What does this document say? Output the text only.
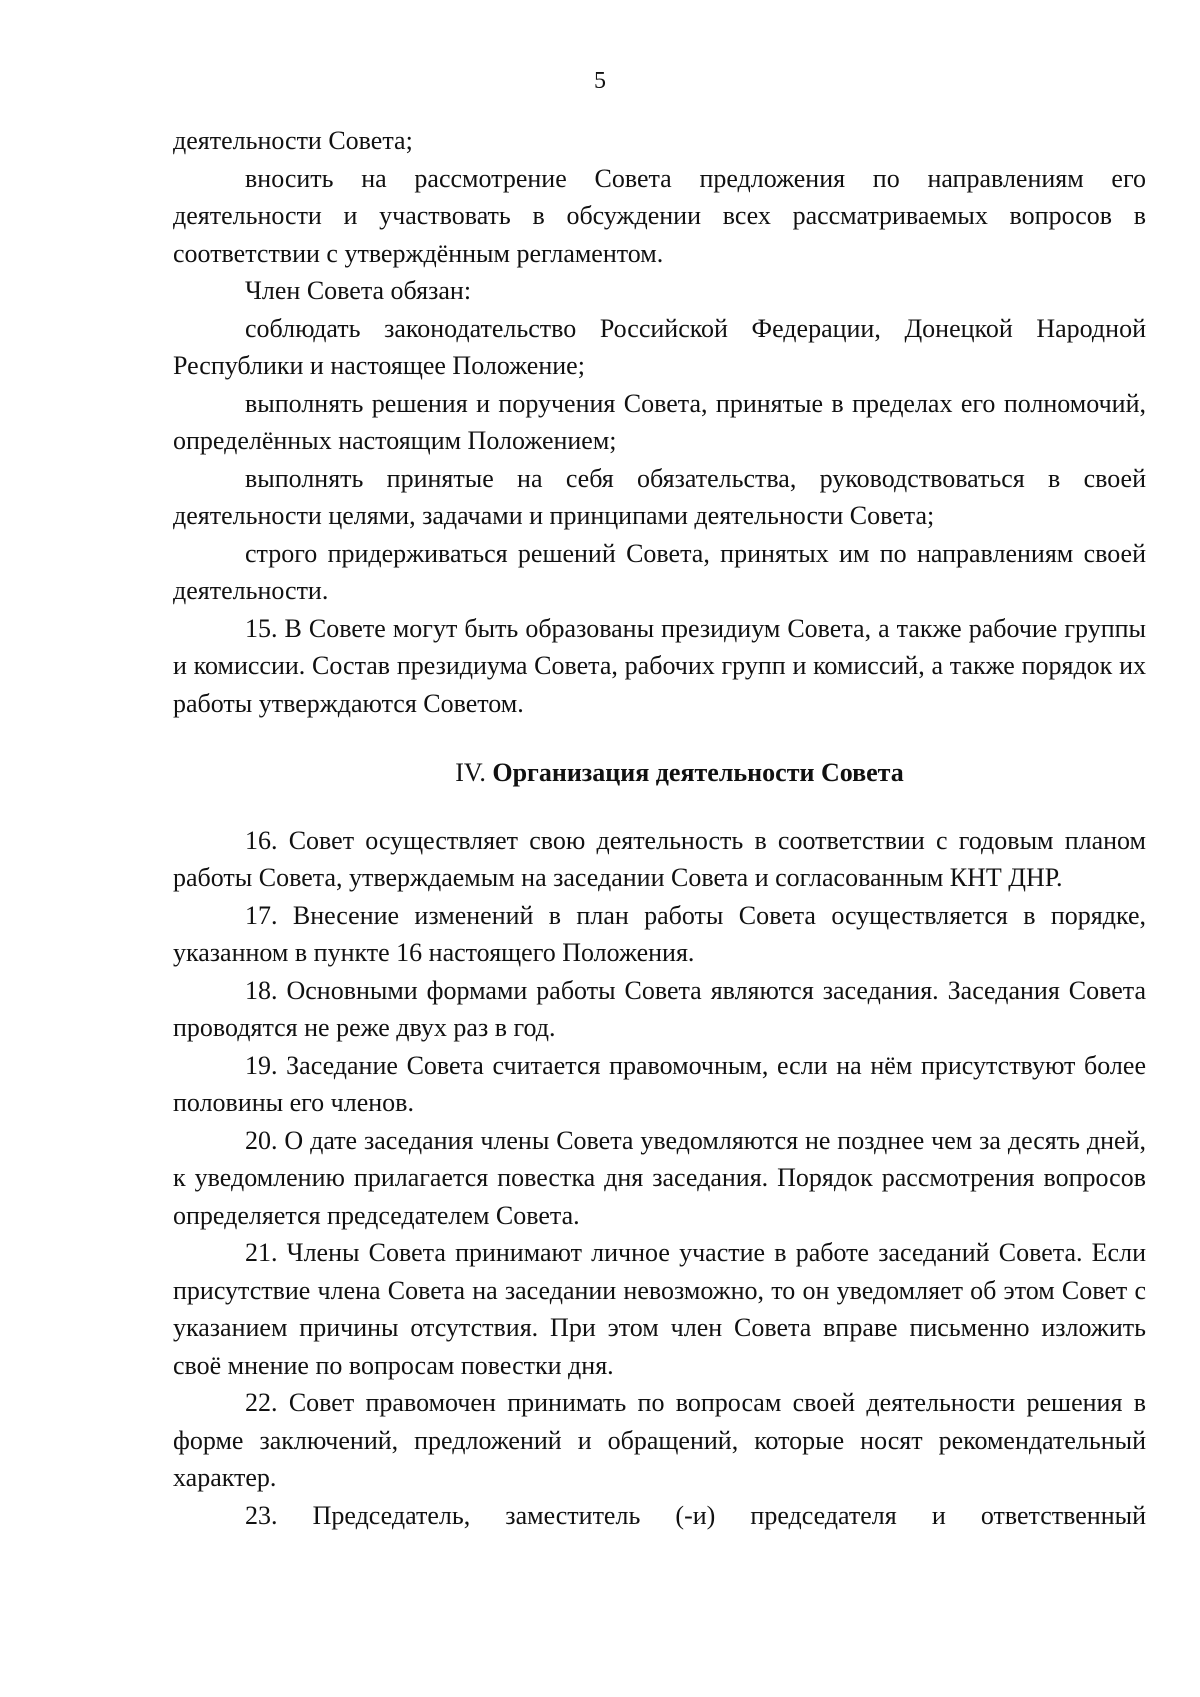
5

деятельности Совета;

вносить на рассмотрение Совета предложения по направлениям его деятельности и участвовать в обсуждении всех рассматриваемых вопросов в соответствии с утверждённым регламентом.

Член Совета обязан:

соблюдать законодательство Российской Федерации, Донецкой Народной Республики и настоящее Положение;

выполнять решения и поручения Совета, принятые в пределах его полномочий, определённых настоящим Положением;

выполнять принятые на себя обязательства, руководствоваться в своей деятельности целями, задачами и принципами деятельности Совета;

строго придерживаться решений Совета, принятых им по направлениям своей деятельности.

15. В Совете могут быть образованы президиум Совета, а также рабочие группы и комиссии. Состав президиума Совета, рабочих групп и комиссий, а также порядок их работы утверждаются Советом.

IV. Организация деятельности Совета

16. Совет осуществляет свою деятельность в соответствии с годовым планом работы Совета, утверждаемым на заседании Совета и согласованным КНТ ДНР.

17. Внесение изменений в план работы Совета осуществляется в порядке, указанном в пункте 16 настоящего Положения.

18. Основными формами работы Совета являются заседания. Заседания Совета проводятся не реже двух раз в год.

19. Заседание Совета считается правомочным, если на нём присутствуют более половины его членов.

20. О дате заседания члены Совета уведомляются не позднее чем за десять дней, к уведомлению прилагается повестка дня заседания. Порядок рассмотрения вопросов определяется председателем Совета.

21. Члены Совета принимают личное участие в работе заседаний Совета. Если присутствие члена Совета на заседании невозможно, то он уведомляет об этом Совет с указанием причины отсутствия. При этом член Совета вправе письменно изложить своё мнение по вопросам повестки дня.

22. Совет правомочен принимать по вопросам своей деятельности решения в форме заключений, предложений и обращений, которые носят рекомендательный характер.

23. Председатель, заместитель (-и) председателя и ответственный
